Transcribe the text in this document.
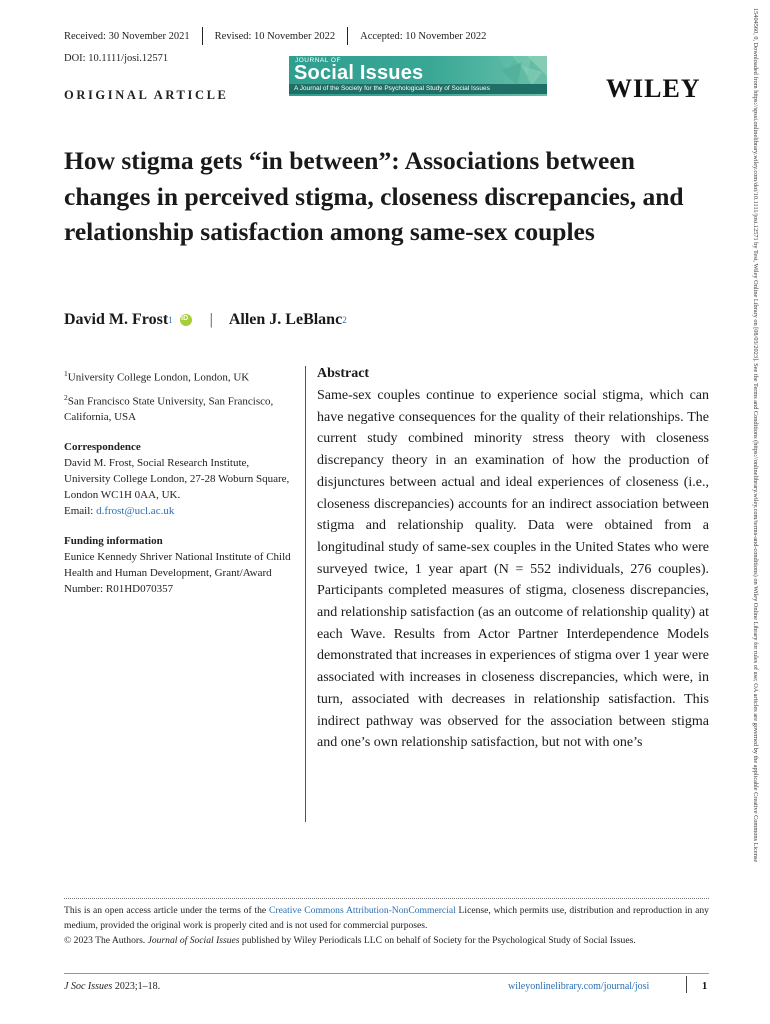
Received: 30 November 2021 Revised: 10 November 2022 Accepted: 10 November 2022
DOI: 10.1111/josi.12571
ORIGINAL ARTICLE
JOURNAL OF
Social Issues
A Journal of the Society for the Psychological Study of Social Issues	WILEY	15404560, 0, Downloaded from https://spssi.onlinelibrary.wiley.com/doi/10.1111/josi.12571 by Test, Wiley Online Library on [08/03/2023]. See the Terms and Conditions (https://onlinelibrary.wiley.com/terms-and-conditions) on Wiley Online Library for rules of use; OA articles are governed by the applicable Creative Commons License
How stigma gets “in between”: Associations between changes in perceived stigma, closeness discrepancies, and relationship satisfaction among same-sex couples
David M. Frost 1
iD | Allen J. LeBlanc 2
$^1$University College London, London, UK
$^2$San Francisco State University, San Francisco, California, USA
Correspondence
David M. Frost, Social Research Institute, University College London, 27-28 Woburn Square, London WC1H 0AA, UK.
Email: d.frost@ucl.ac.uk
Funding information
Eunice Kennedy Shriver National Institute of Child Health and Human Development, Grant/Award Number: R01HD070357
Abstract

Same-sex couples continue to experience social stigma, which can have negative consequences for the quality of their relationships. The current study combined minority stress theory with closeness discrepancy theory in an examination of how the production of disjunctures between actual and ideal experiences of closeness (i.e., closeness discrepancies) accounts for an indirect association between stigma and relationship quality. Data were obtained from a longitudinal study of same-sex couples in the United States who were surveyed twice, 1 year apart (N = 552 individuals, 276 couples). Participants completed measures of stigma, closeness discrepancies, and relationship satisfaction (as an outcome of relationship quality) at each Wave. Results from Actor Partner Interdependence Models demonstrated that increases in experiences of stigma over 1 year were associated with increases in closeness discrepancies, which were, in turn, associated with decreases in relationship satisfaction. This indirect pathway was observed for the association between stigma and one’s own relationship satisfaction, but not with one’s

This is an open access article under the terms of the Creative Commons Attribution-NonCommercial License, which permits use, distribution and reproduction in any medium, provided the original work is properly cited and is not used for commercial purposes.
© 2023 The Authors. Journal of Social Issues published by Wiley Periodicals LLC on behalf of Society for the Psychological Study of Social Issues.
J Soc Issues 2023;1–18.	wileyonlinelibrary.com/journal/josi	1
